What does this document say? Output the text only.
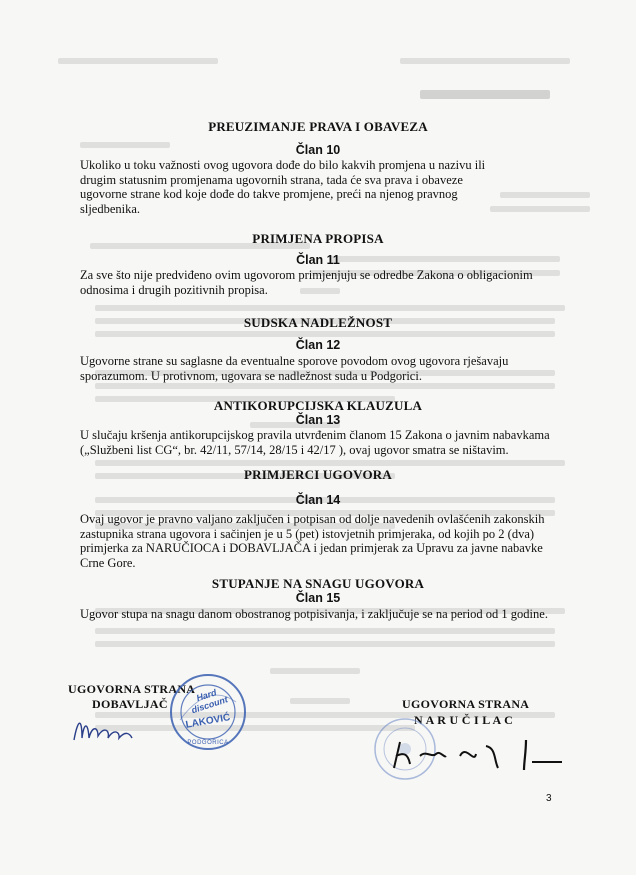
PREUZIMANJE PRAVA I OBAVEZA
Član 10
Ukoliko u toku važnosti ovog ugovora dođe do bilo kakvih promjena u nazivu ili
drugim statusnim promjenama ugovornih strana, tada će sva prava i obaveze
ugovorne strane kod koje dođe do takve promjene, preći na njenog pravnog
sljedbenika.
PRIMJENA PROPISA
Član 11
Za sve što nije predviđeno ovim ugovorom primjenjuju se odredbe Zakona o obligacionim
odnosima i drugih pozitivnih propisa.
SUDSKA NADLEŽNOST
Član 12
Ugovorne strane su saglasne da eventualne sporove povodom ovog ugovora rješavaju
sporazumom. U protivnom, ugovara se nadležnost suda u Podgorici.
ANTIKORUPCIJSKA KLAUZULA
Član 13
U slučaju kršenja antikorupcijskog pravila utvrđenim članom 15 Zakona o javnim nabavkama
(„Službeni list CG“, br. 42/11, 57/14, 28/15 i 42/17 ), ovaj ugovor smatra se ništavim.
PRIMJERCI UGOVORA
Član 14
Ovaj ugovor je pravno valjano zaključen i potpisan od dolje navedenih ovlašćenih zakonskih
zastupnika strana ugovora i sačinjen je u 5 (pet) istovjetnih primjeraka, od kojih po 2 (dva)
primjerka za NARUČIOCA i DOBAVLJAČA i jedan primjerak za Upravu za javne nabavke
Crne Gore.
STUPANJE NA SNAGU UGOVORA
Član 15
Ugovor stupa na snagu danom obostranog potpisivanja, i zaključuje se na period od 1 godine.
UGOVORNA STRANA
DOBAVLJAČ
Hard discount
LAKOVIĆ
PODGORICA
UGOVORNA STRANA
N A R U Č I L A C
3
